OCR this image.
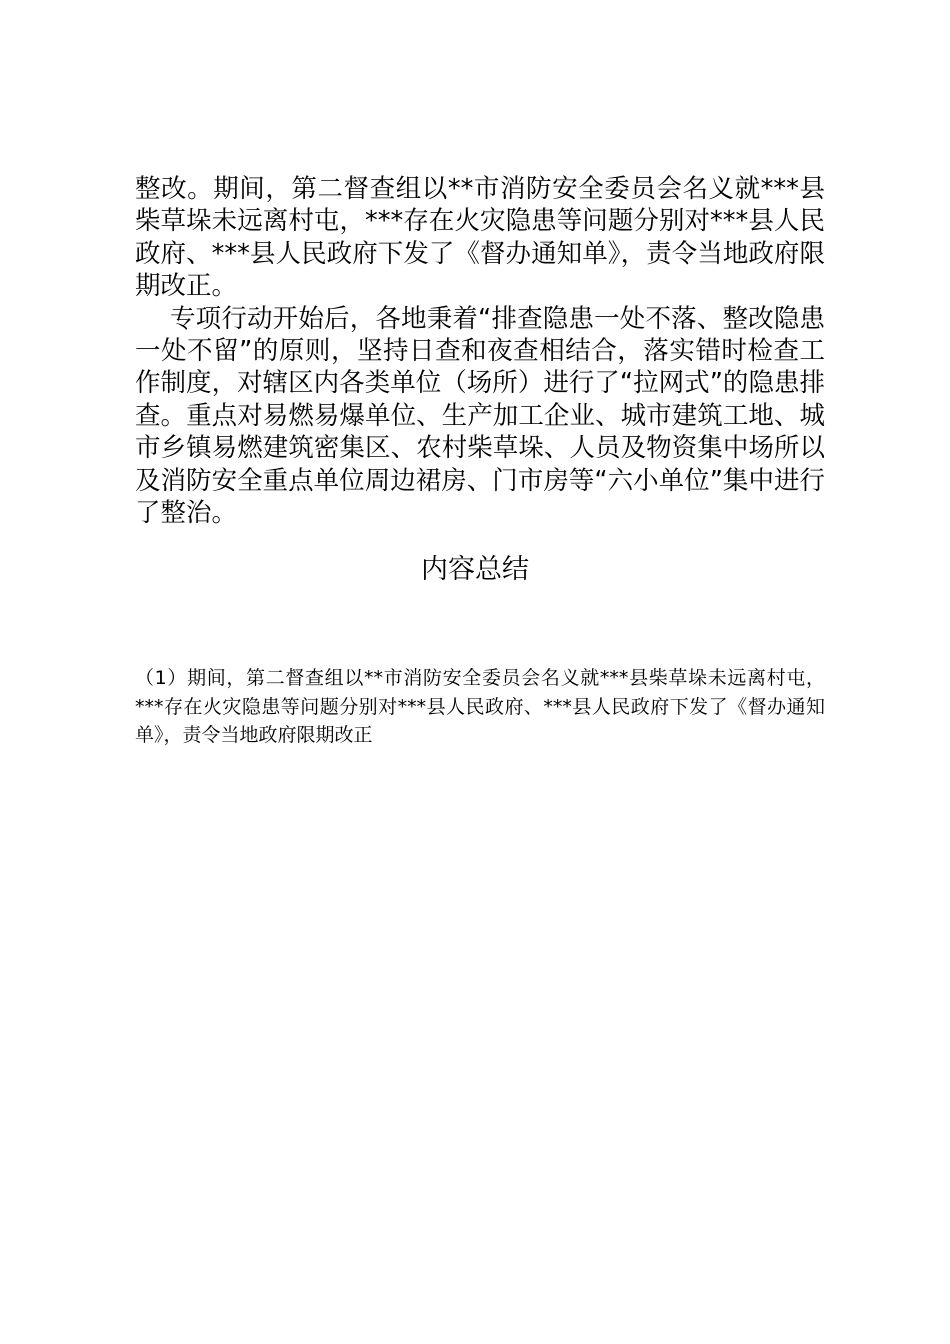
整改。期间，第二督查组以**市消防安全委员会名义就***县柴草垛未远离村屯，***存在火灾隐患等问题分别对***县人民政府、***县人民政府下发了《督办通知单》，责令当地政府限期改正。

专项行动开始后，各地秉着“排查隐患一处不落、整改隐患一处不留”的原则，坚持日查和夜查相结合，落实错时检查工作制度，对辖区内各类单位（场所）进行了“拉网式”的隐患排查。重点对易燃易爆单位、生产加工企业、城市建筑工地、城市乡镇易燃建筑密集区、农村柴草垛、人员及物资集中场所以及消防安全重点单位周边裙房、门市房等“六小单位”集中进行了整治。

内容总结

（1）期间，第二督查组以**市消防安全委员会名义就***县柴草垛未远离村屯，***存在火灾隐患等问题分别对***县人民政府、***县人民政府下发了《督办通知单》，责令当地政府限期改正
